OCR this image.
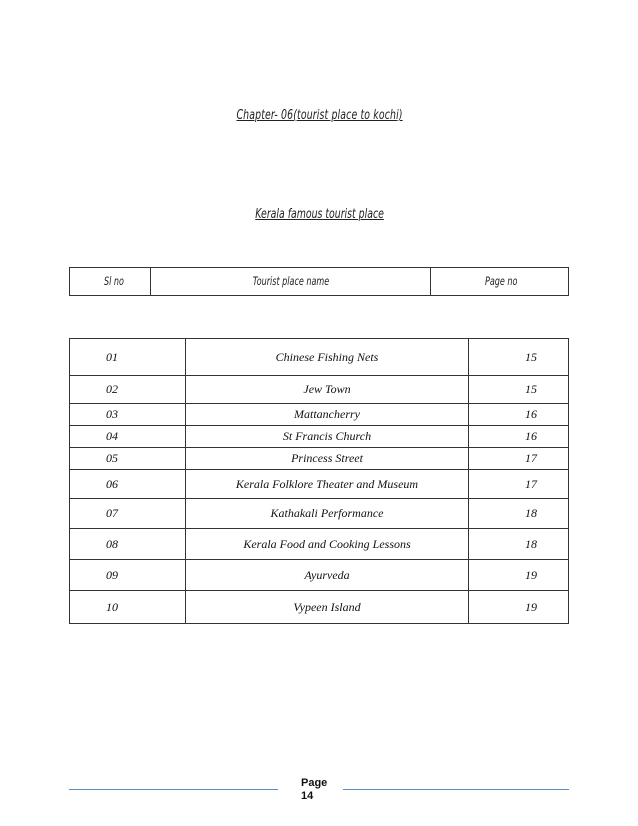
Chapter- 06(tourist place to kochi)
Kerala famous tourist place
Sl no	Tourist place name	Page no
01	Chinese Fishing Nets	15
02	Jew Town	15
03	Mattancherry	16
04	St Francis Church	16
05	Princess Street	17
06	Kerala Folklore Theater and Museum	17
07	Kathakali Performance	18
08	Kerala Food and Cooking Lessons	18
09	Ayurveda	19
10	Vypeen Island	19
Page
14
